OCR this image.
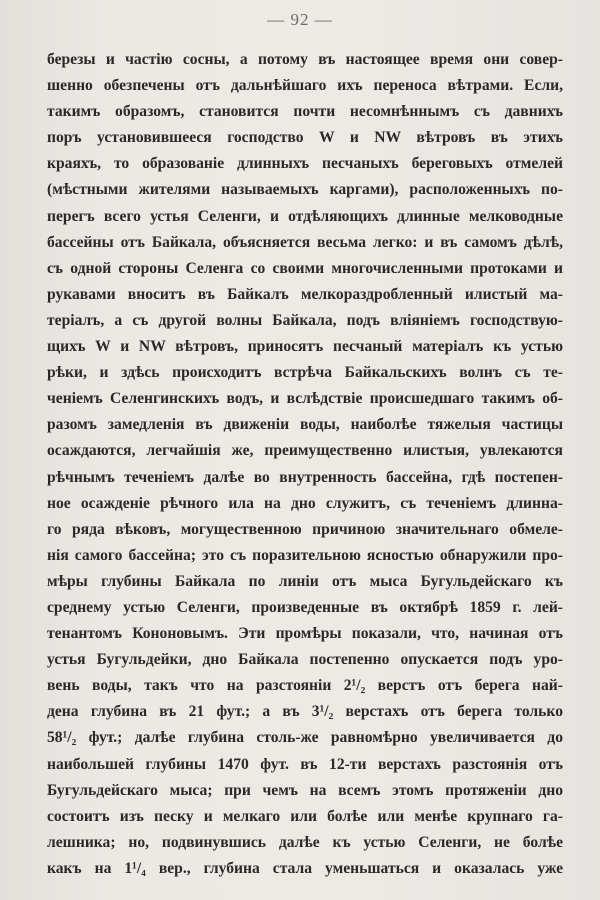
— 92 —
березы и частію сосны, а потому въ настоящее время они совер-
шенно обезпечены отъ дальнѣйшаго ихъ переноса вѣтрами. Если,
такимъ образомъ, становится почти несомнѣннымъ съ давнихъ
поръ установившееся господство W и NW вѣтровъ въ этихъ
краяхъ, то образованіе длинныхъ песчаныхъ береговыхъ отмелей
(мѣстными жителями называемыхъ каргами), расположенныхъ по-
перегъ всего устья Селенги, и отдѣляющихъ длинные мелководные
бассейны отъ Байкала, объясняется весьма легко: и въ самомъ дѣлѣ,
съ одной стороны Селенга со своими многочисленными протоками и
рукавами вноситъ въ Байкалъ мелкораздробленный илистый ма-
теріалъ, а съ другой волны Байкала, подъ вліяніемъ господствую-
щихъ W и NW вѣтровъ, приносятъ песчаный матеріалъ къ устью
рѣки, и здѣсь происходитъ встрѣча Байкальскихъ волнъ съ те-
ченіемъ Селенгинскихъ водъ, и вслѣдствіе происшедшаго такимъ об-
разомъ замедленія въ движеніи воды, наиболѣе тяжелыя частицы
осаждаются, легчайшія же, преимущественно илистыя, увлекаются
рѣчнымъ теченіемъ далѣе во внутренность бассейна, гдѣ постепен-
ное осажденіе рѣчного ила на дно служитъ, съ теченіемъ длинна-
го ряда вѣковъ, могущественною причиною значительнаго обмеле-
нія самого бассейна; это съ поразительною ясностью обнаружили про-
мѣры глубины Байкала по линіи отъ мыса Бугульдейскаго къ
среднему устью Селенги, произведенные въ октябрѣ 1859 г. лей-
тенантомъ Кононовымъ. Эти промѣры показали, что, начиная отъ
устья Бугульдейки, дно Байкала постепенно опускается подъ уро-
вень воды, такъ что на разстояніи 2¹/₂ верстъ отъ берега най-
дена глубина въ 21 фут.; а въ 3¹/₂ верстахъ отъ берега только
58¹/₂ фут.; далѣе глубина столь-же равномѣрно увеличивается до
наибольшей глубины 1470 фут. въ 12-ти верстахъ разстоянія отъ
Бугульдейскаго мыса; при чемъ на всемъ этомъ протяженіи дно
состоитъ изъ песку и мелкаго или болѣе или менѣе крупнаго га-
лешника; но, подвинувшись далѣе къ устью Селенги, не болѣе
какъ на 1¹/₄ вер., глубина стала уменьшаться и оказалась уже
